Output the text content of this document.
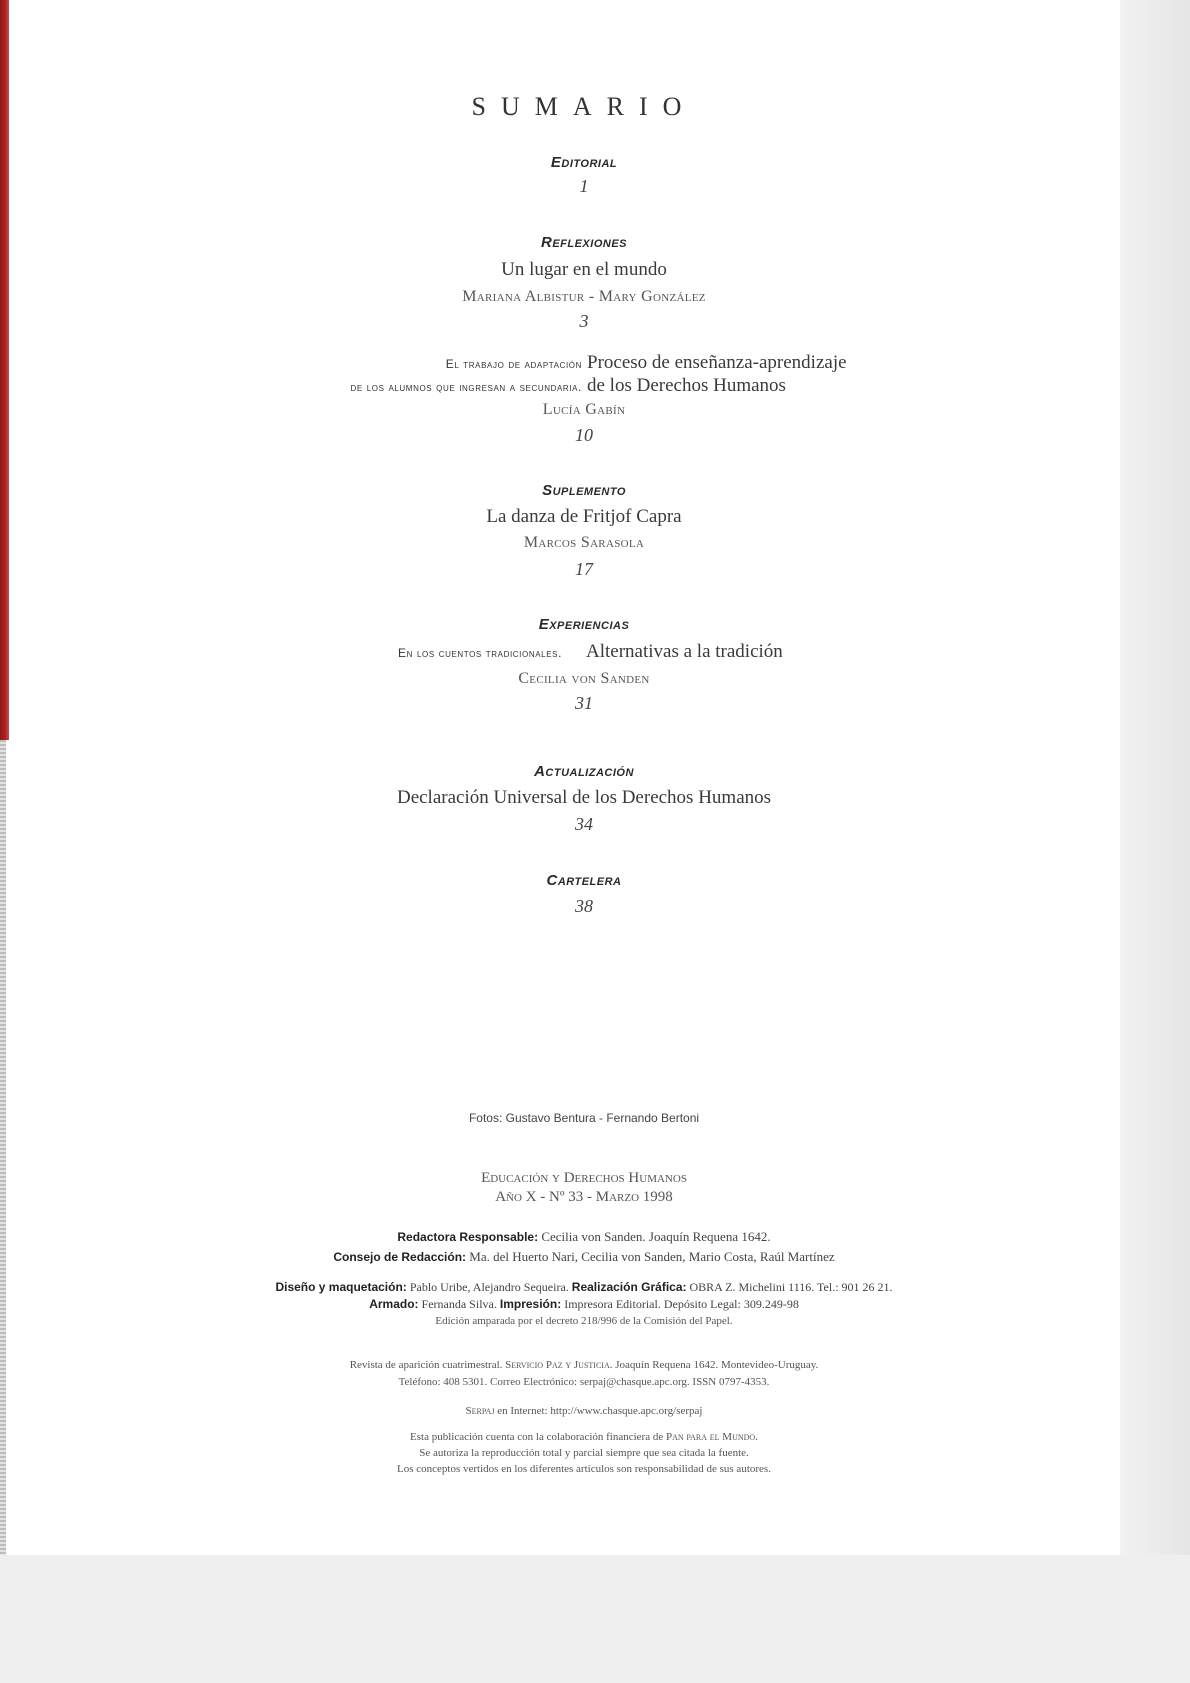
SUMARIO
Editorial
1
Reflexiones
Un lugar en el mundo
Mariana Albistur - Mary González
3
El trabajo de adaptación
de los alumnos que ingresan a secundaria.
Proceso de enseñanza-aprendizaje
de los Derechos Humanos
Lucía Gabín
10
Suplemento
La danza de Fritjof Capra
Marcos Sarasola
17
Experiencias
En los cuentos tradicionales. Alternativas a la tradición
Cecilia von Sanden
31
Actualización
Declaración Universal de los Derechos Humanos
34
Cartelera
38
Fotos: Gustavo Bentura - Fernando Bertoni
Educación y Derechos Humanos
Año X - Nº 33 - Marzo 1998
Redactora Responsable: Cecilia von Sanden. Joaquín Requena 1642.
Consejo de Redacción: Ma. del Huerto Nari, Cecilia von Sanden, Mario Costa, Raúl Martínez
Diseño y maquetación: Pablo Uribe, Alejandro Sequeira. Realización Gráfica: OBRA Z. Michelini 1116. Tel.: 901 26 21.
Armado: Fernanda Silva. Impresión: Impresora Editorial. Depósito Legal: 309.249-98
Edición amparada por el decreto 218/996 de la Comisión del Papel.
Revista de aparición cuatrimestral. Servicio Paz y Justicia. Joaquín Requena 1642. Montevideo-Uruguay.
Teléfono: 408 5301. Correo Electrónico: serpaj@chasque.apc.org. ISSN 0797-4353.
Serpaj en Internet: http://www.chasque.apc.org/serpaj
Esta publicación cuenta con la colaboración financiera de Pan para el Mundo.
Se autoriza la reproducción total y parcial siempre que sea citada la fuente.
Los conceptos vertidos en los diferentes artículos son responsabilidad de sus autores.
